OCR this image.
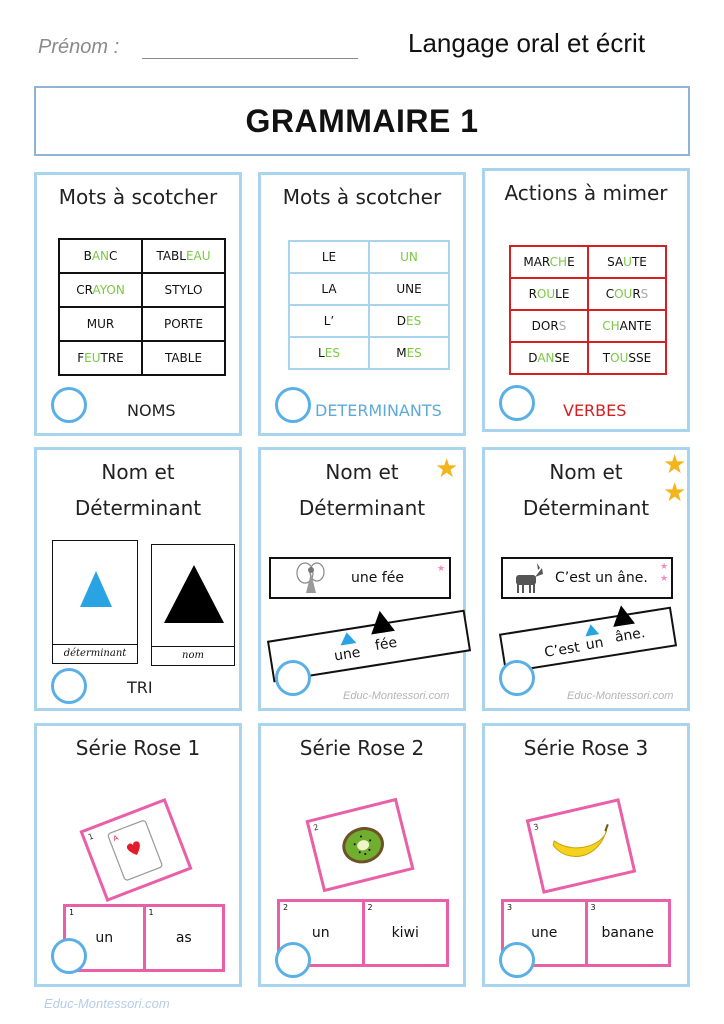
Prénom :	Langage oral et écrit
GRAMMAIRE 1
Mots à scotcher
BANC	TABLEAU
CRAYON	STYLO
MUR	PORTE
FEUTRE	TABLE
NOMS
Mots à scotcher
LE	UN
LA	UNE
L’	DES
LES	MES
DETERMINANTS
Actions à mimer
MARCHE	SAUTE
ROULE	COURS
DORS	CHANTE
DANSE	TOUSSE
VERBES
Nom et
Déterminant
déterminant	nom
TRI
Nom et
Déterminant
★
une fée
★
une
fée
Educ-Montessori.com
Nom et
Déterminant
★
★
C’est un âne.
★
★
C’est un âne.
Educ-Montessori.com
Série Rose 1
1 A
1
un
1
as
Série Rose 2
2
2
un
2
kiwi
Série Rose 3
3
3
une
3
banane
Educ-Montessori.com
